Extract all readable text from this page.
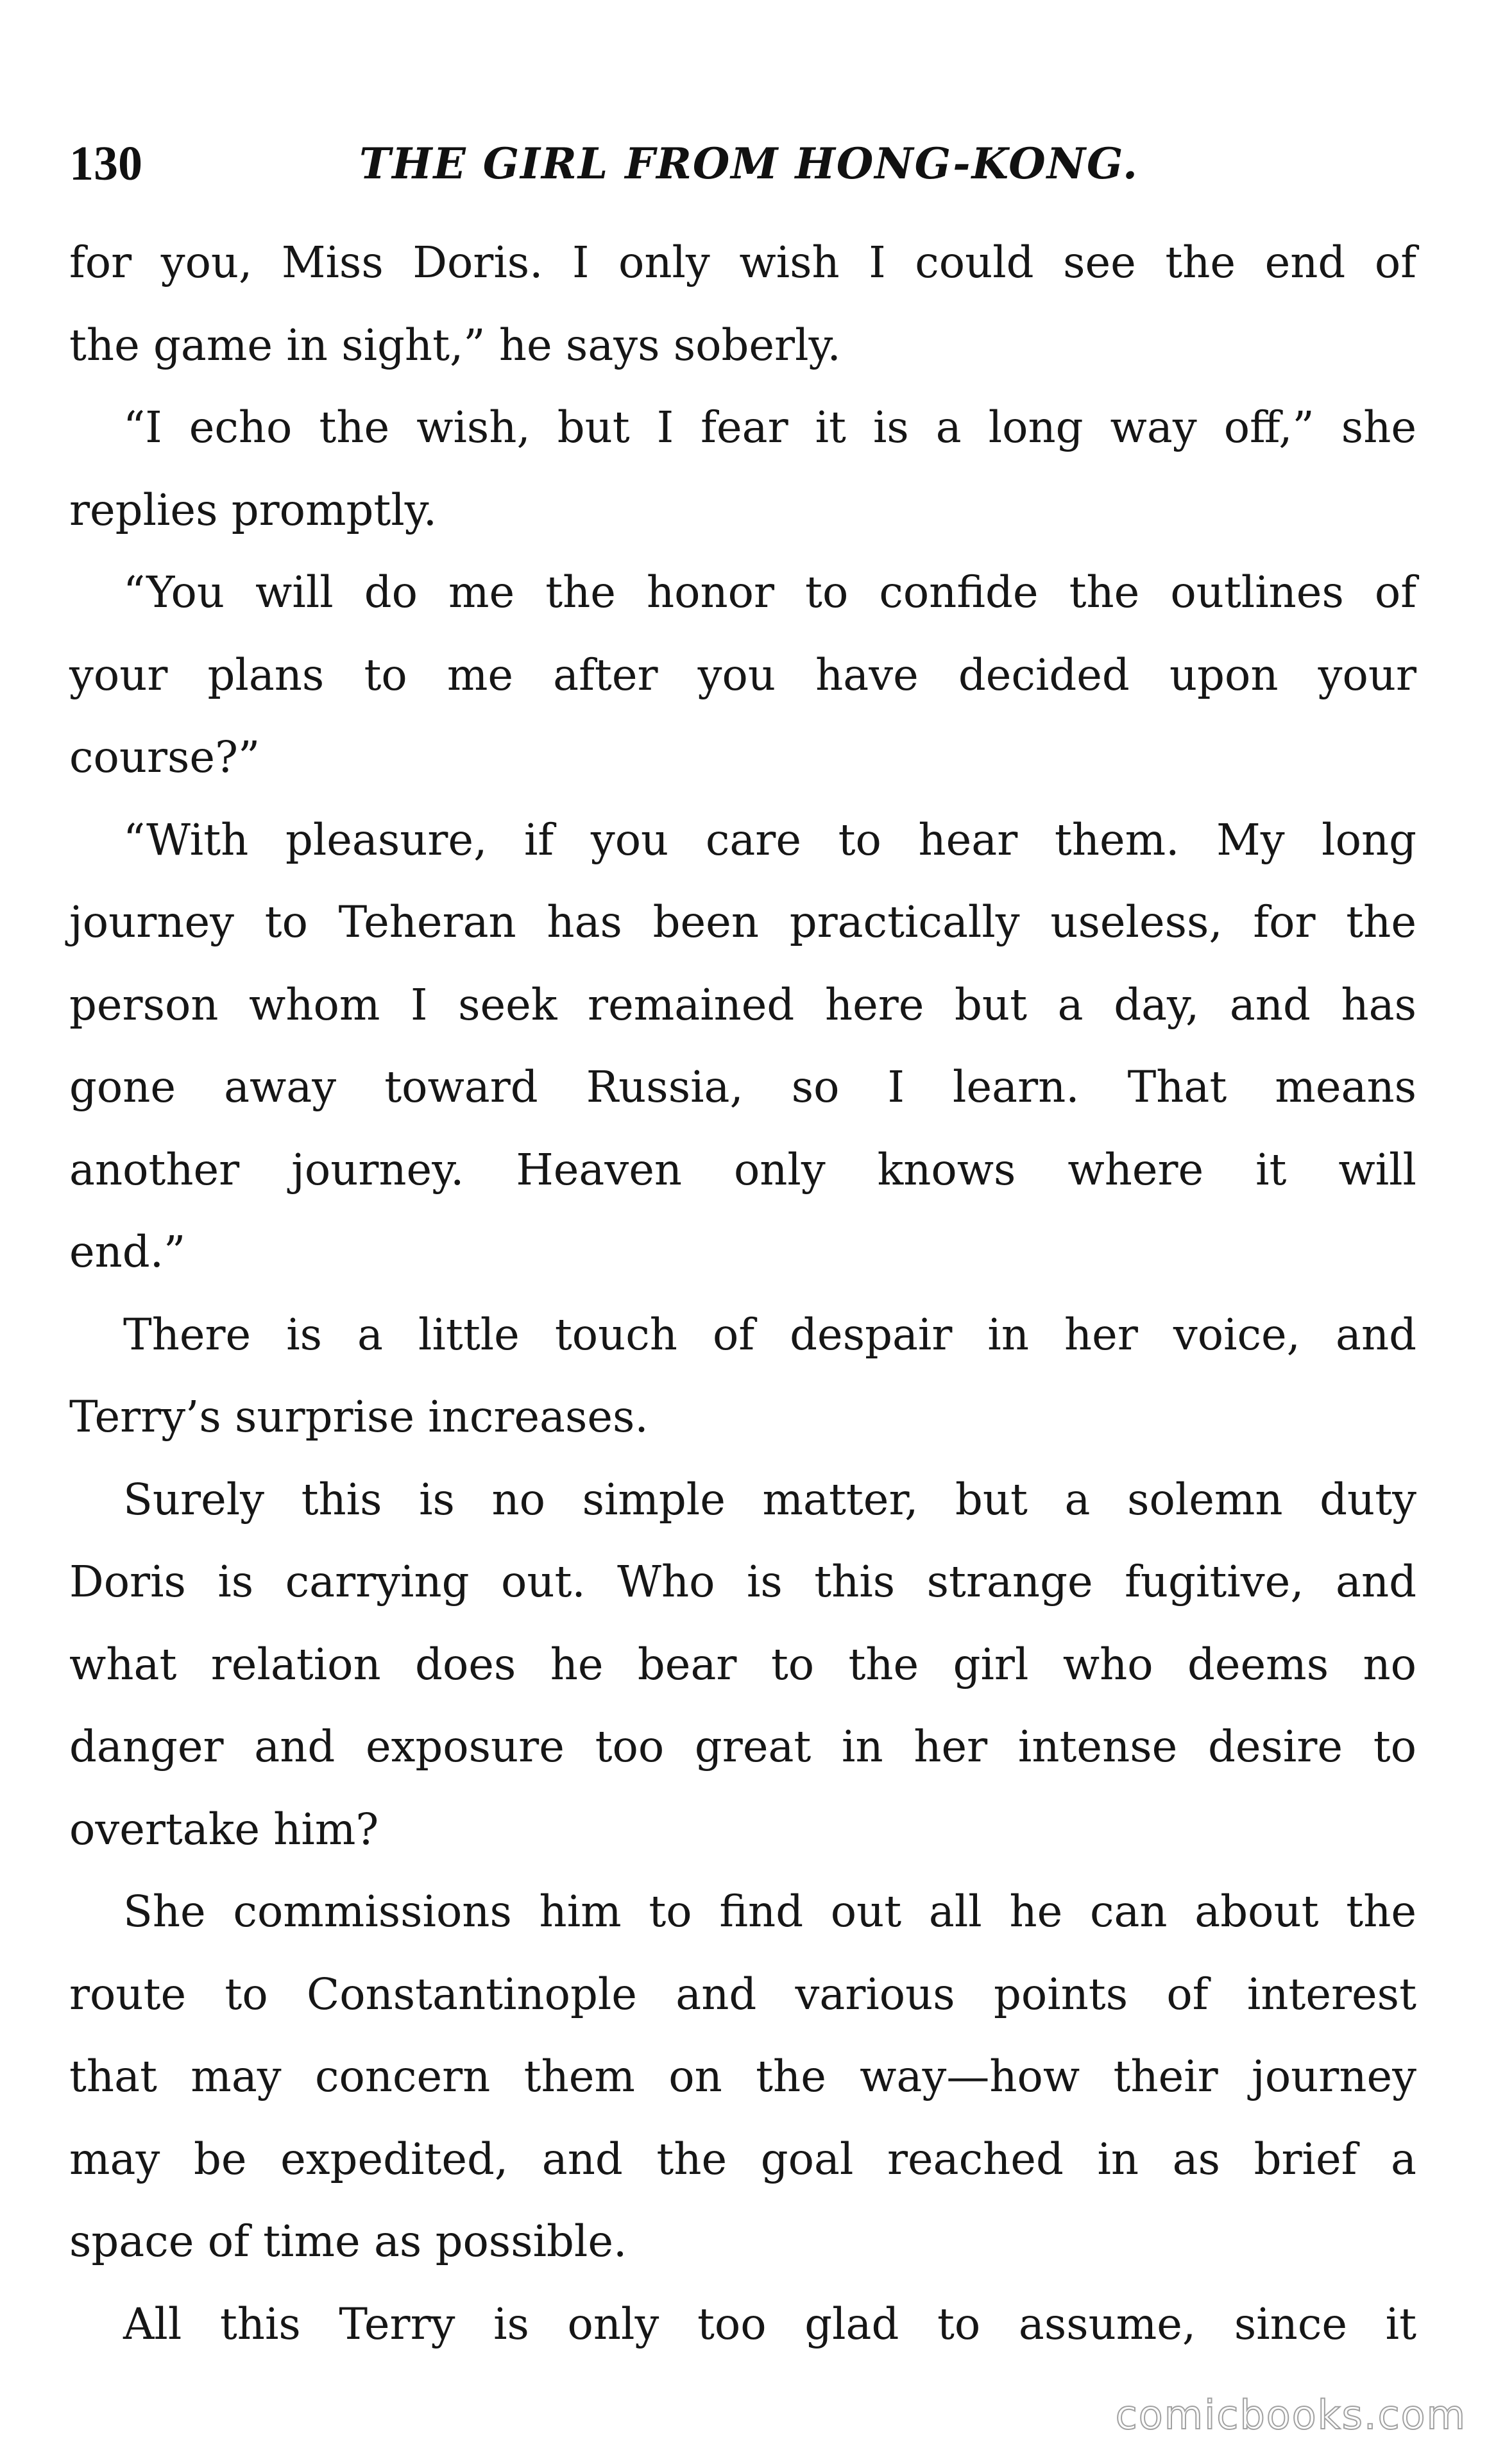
130	THE GIRL FROM HONG-KONG.
for you, Miss Doris. I only wish I could see the end of
the game in sight,” he says soberly.
“I echo the wish, but I fear it is a long way off,” she
replies promptly.
“You will do me the honor to confide the outlines of
your plans to me after you have decided upon your
course?”
“With pleasure, if you care to hear them. My long
journey to Teheran has been practically useless, for the
person whom I seek remained here but a day, and has
gone away toward Russia, so I learn. That means
another journey. Heaven only knows where it will
end.”
There is a little touch of despair in her voice, and
Terry’s surprise increases.
Surely this is no simple matter, but a solemn duty
Doris is carrying out. Who is this strange fugitive, and
what relation does he bear to the girl who deems no
danger and exposure too great in her intense desire to
overtake him?
She commissions him to find out all he can about the
route to Constantinople and various points of interest
that may concern them on the way—how their journey
may be expedited, and the goal reached in as brief a
space of time as possible.
All this Terry is only too glad to assume, since it
comicbooks.com
